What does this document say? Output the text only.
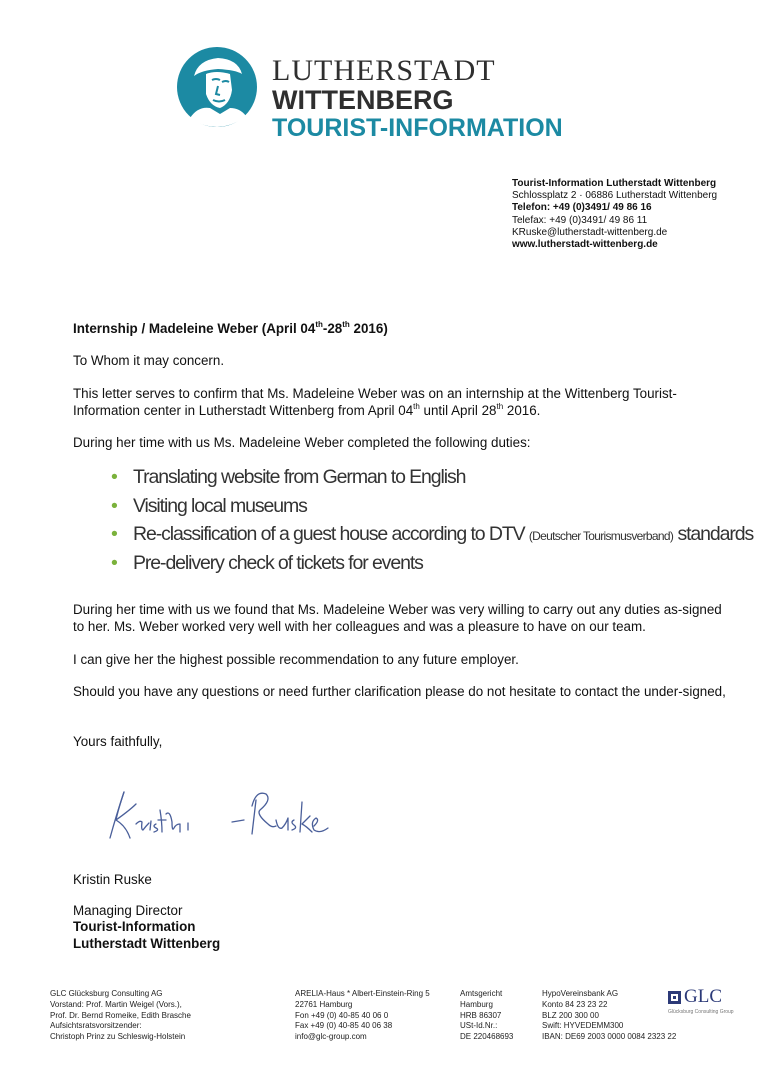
LUTHERSTADT
WITTENBERG
TOURIST-INFORMATION
Tourist-Information Lutherstadt Wittenberg
Schlossplatz 2 · 06886 Lutherstadt Wittenberg
Telefon: +49 (0)3491/ 49 86 16
Telefax: +49 (0)3491/ 49 86 11
KRuske@lutherstadt-wittenberg.de
www.lutherstadt-wittenberg.de
Internship / Madeleine Weber (April 04th-28th 2016)
To Whom it may concern.
This letter serves to confirm that Ms. Madeleine Weber was on an internship at the Wittenberg Tourist-Information center in Lutherstadt Wittenberg from April 04th until April 28th 2016.
During her time with us Ms. Madeleine Weber completed the following duties:
• Translating website from German to English
• Visiting local museums
• Re-classification of a guest house according to DTV (Deutscher Tourismusverband) standards
• Pre-delivery check of tickets for events
During her time with us we found that Ms. Madeleine Weber was very willing to carry out any duties as-signed to her. Ms. Weber worked very well with her colleagues and was a pleasure to have on our team.
I can give her the highest possible recommendation to any future employer.
Should you have any questions or need further clarification please do not hesitate to contact the under-signed,
Yours faithfully,
Kristin Ruske
Managing Director
Tourist-Information
Lutherstadt Wittenberg
GLC Glücksburg Consulting AG
Vorstand: Prof. Martin Weigel (Vors.),
Prof. Dr. Bernd Romeike, Edith Brasche
Aufsichtsratsvorsitzender:
Christoph Prinz zu Schleswig-Holstein
ARELIA-Haus * Albert-Einstein-Ring 5
22761 Hamburg
Fon +49 (0) 40-85 40 06 0
Fax +49 (0) 40-85 40 06 38
info@glc-group.com
Amtsgericht
Hamburg
HRB 86307
USt-Id.Nr.:
DE 220468693
HypoVereinsbank AG
Konto 84 23 23 22
BLZ 200 300 00
Swift: HYVEDEMM300
IBAN: DE69 2003 0000 0084 2323 22
GLC
Glücksburg Consulting Group
